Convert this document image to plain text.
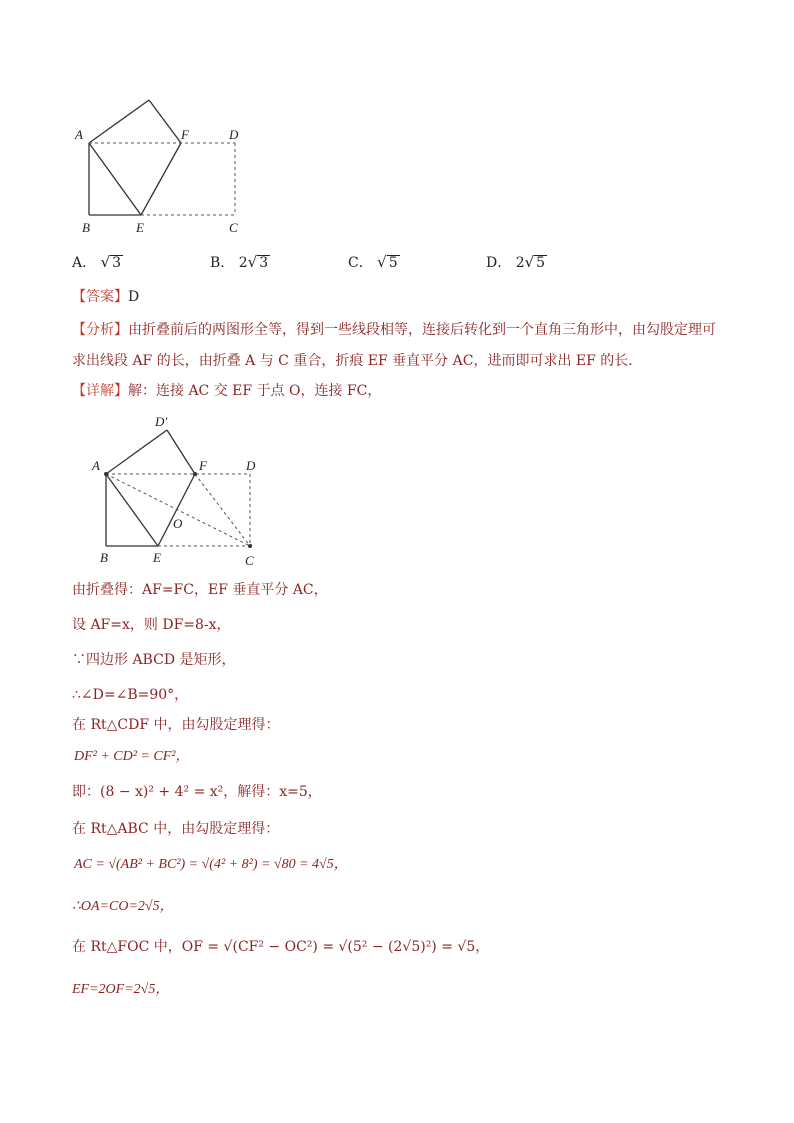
A
B	C
D
E
F
A． √ 3	B． 2√ 3	C． √ 5	D． 2√ 5
【答案】D
【分析】由折叠前后的两图形全等，得到一些线段相等，连接后转化到一个直角三角形中，由勾股定理可
求出线段 AF 的长，由折叠 A 与 C 重合，折痕 EF 垂直平分 AC，进而即可求出 EF 的长．
【详解】解：连接 AC 交 EF 于点 O，连接 FC，
A
B	C
D
D′
E
F
O
由折叠得：AF=FC，EF 垂直平分 AC，
设 AF=x，则 DF=8-x，
∵四边形 ABCD 是矩形，
∴∠D=∠B=90°，
在 Rt△CDF 中，由勾股定理得：
DF² + CD² = CF²，
即：(8 − x)² + 4² = x²，解得：x=5，
在 Rt△ABC 中，由勾股定理得：
AC = √(AB² + BC²) = √(4² + 8²) = √80 = 4√5，
∴OA=CO=2√5，
在 Rt△FOC 中，OF = √(CF² − OC²) = √(5² − (2√5)²) = √5，
EF=2OF=2√5，
